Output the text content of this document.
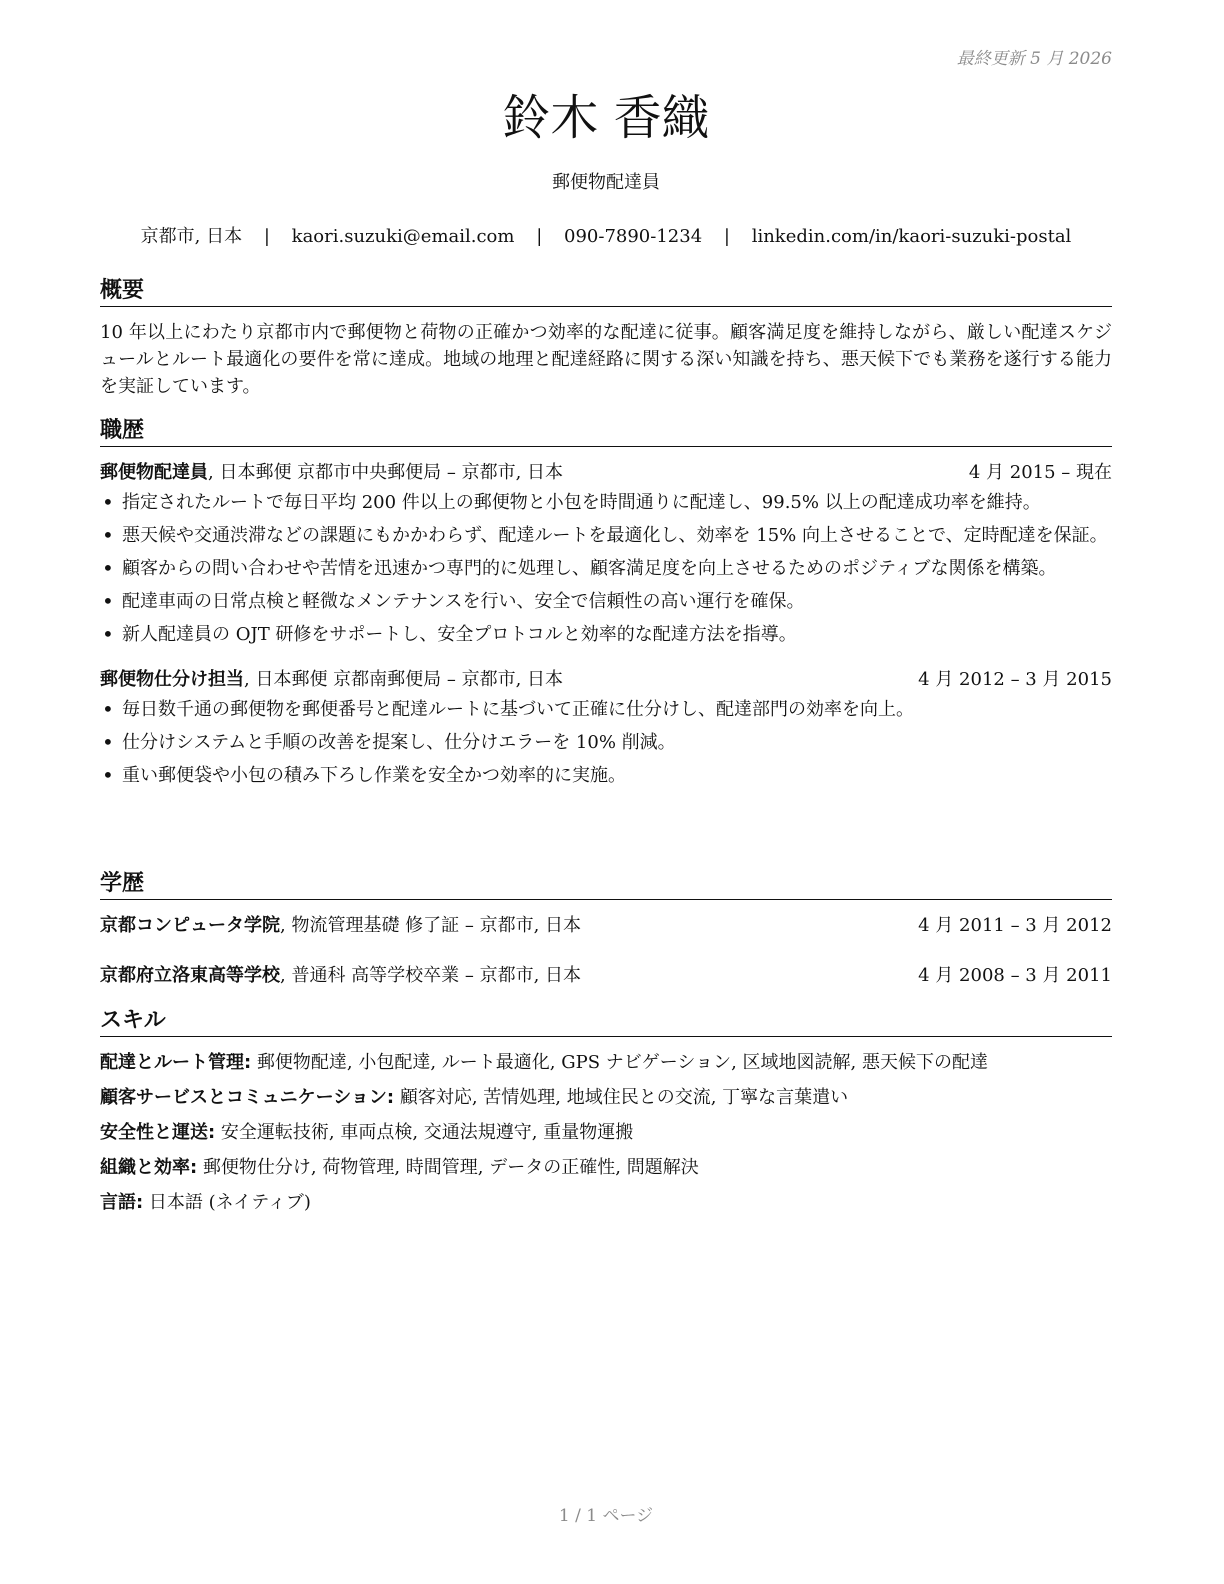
最終更新 5 月 2026
鈴木 香織
郵便物配達員
京都市, 日本 | kaori.suzuki@email.com | 090-7890-1234 | linkedin.com/in/kaori-suzuki-postal
概要
10 年以上にわたり京都市内で郵便物と荷物の正確かつ効率的な配達に従事。顧客満足度を維持しながら、厳しい配達スケジュールとルート最適化の要件を常に達成。地域の地理と配達経路に関する深い知識を持ち、悪天候下でも業務を遂行する能力を実証しています。
職歴
郵便物配達員, 日本郵便 京都市中央郵便局 – 京都市, 日本	4 月 2015 – 現在
• 指定されたルートで毎日平均 200 件以上の郵便物と小包を時間通りに配達し、99.5% 以上の配達成功率を維持。
• 悪天候や交通渋滞などの課題にもかかわらず、配達ルートを最適化し、効率を 15% 向上させることで、定時配達を保証。
• 顧客からの問い合わせや苦情を迅速かつ専門的に処理し、顧客満足度を向上させるためのポジティブな関係を構築。
• 配達車両の日常点検と軽微なメンテナンスを行い、安全で信頼性の高い運行を確保。
• 新人配達員の OJT 研修をサポートし、安全プロトコルと効率的な配達方法を指導。
郵便物仕分け担当, 日本郵便 京都南郵便局 – 京都市, 日本	4 月 2012 – 3 月 2015
• 毎日数千通の郵便物を郵便番号と配達ルートに基づいて正確に仕分けし、配達部門の効率を向上。
• 仕分けシステムと手順の改善を提案し、仕分けエラーを 10% 削減。
• 重い郵便袋や小包の積み下ろし作業を安全かつ効率的に実施。
学歴
京都コンピュータ学院, 物流管理基礎 修了証 – 京都市, 日本	4 月 2011 – 3 月 2012
京都府立洛東高等学校, 普通科 高等学校卒業 – 京都市, 日本	4 月 2008 – 3 月 2011
スキル
配達とルート管理: 郵便物配達, 小包配達, ルート最適化, GPS ナビゲーション, 区域地図読解, 悪天候下の配達
顧客サービスとコミュニケーション: 顧客対応, 苦情処理, 地域住民との交流, 丁寧な言葉遣い
安全性と運送: 安全運転技術, 車両点検, 交通法規遵守, 重量物運搬
組織と効率: 郵便物仕分け, 荷物管理, 時間管理, データの正確性, 問題解決
言語: 日本語 (ネイティブ)
1 / 1 ページ
